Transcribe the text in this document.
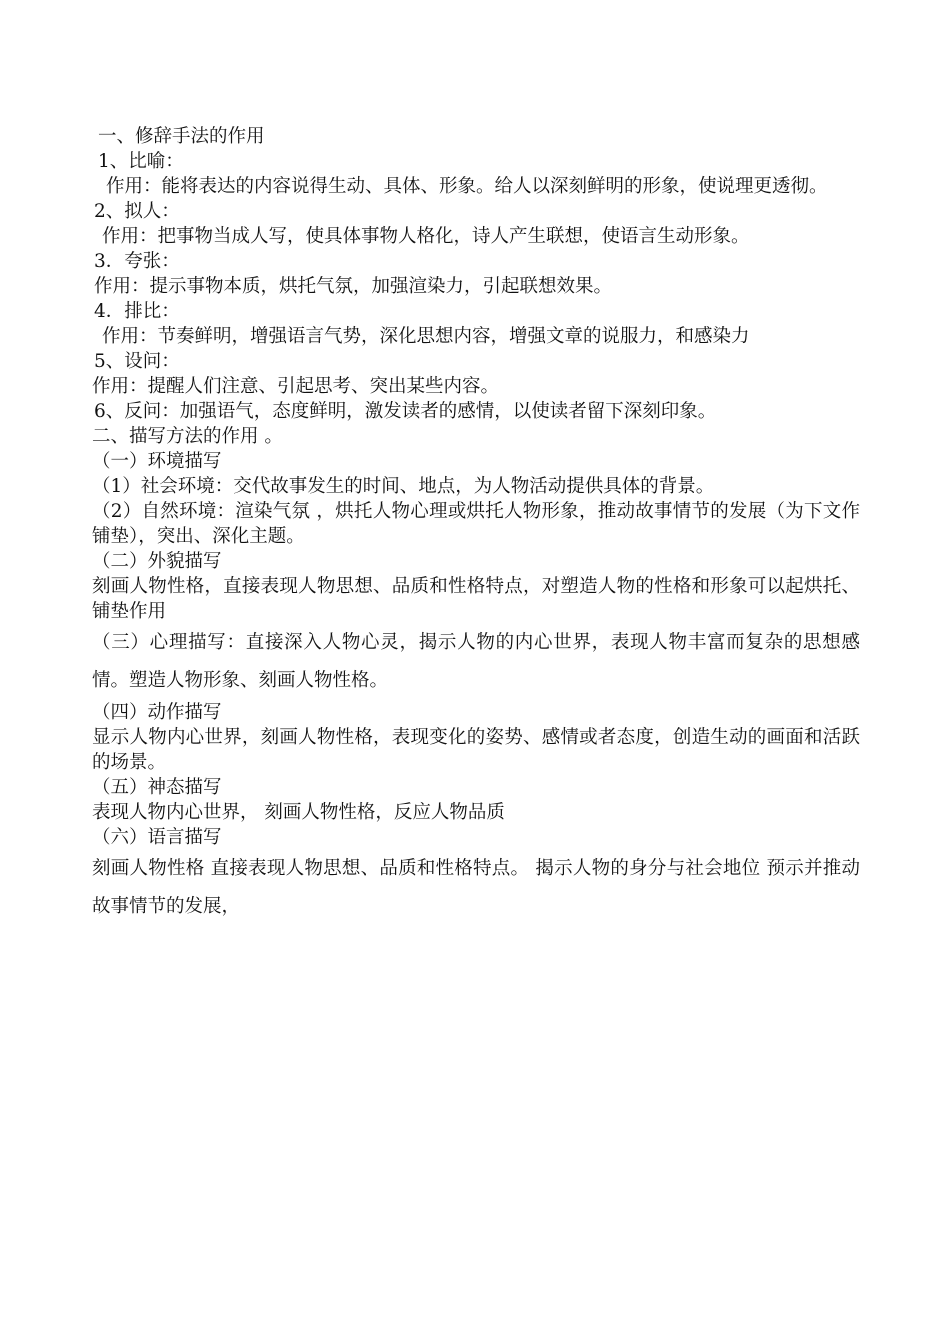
一、修辞手法的作用
1、比喻：
作用：能将表达的内容说得生动、具体、形象。给人以深刻鲜明的形象，使说理更透彻。
2、拟人：
作用：把事物当成人写，使具体事物人格化，诗人产生联想，使语言生动形象。
3．夸张：
作用：提示事物本质，烘托气氛，加强渲染力，引起联想效果。
4．排比：
作用：节奏鲜明，增强语言气势，深化思想内容，增强文章的说服力，和感染力
5、设问：
作用：提醒人们注意、引起思考、突出某些内容。
6、反问：加强语气，态度鲜明，激发读者的感情，以使读者留下深刻印象。
二、描写方法的作用 。
（一）环境描写
（1）社会环境：交代故事发生的时间、地点，为人物活动提供具体的背景。
（2）自然环境：渲染气氛 ，烘托人物心理或烘托人物形象，推动故事情节的发展（为下文作铺垫），突出、深化主题。
（二）外貌描写
刻画人物性格，直接表现人物思想、品质和性格特点，对塑造人物的性格和形象可以起烘托、铺垫作用
（三）心理描写：直接深入人物心灵，揭示人物的内心世界，表现人物丰富而复杂的思想感情。塑造人物形象、刻画人物性格。
（四）动作描写
显示人物内心世界，刻画人物性格，表现变化的姿势、感情或者态度，创造生动的画面和活跃的场景。
（五）神态描写
表现人物内心世界， 刻画人物性格，反应人物品质
（六）语言描写
刻画人物性格 直接表现人物思想、品质和性格特点。 揭示人物的身分与社会地位 预示并推动故事情节的发展，
